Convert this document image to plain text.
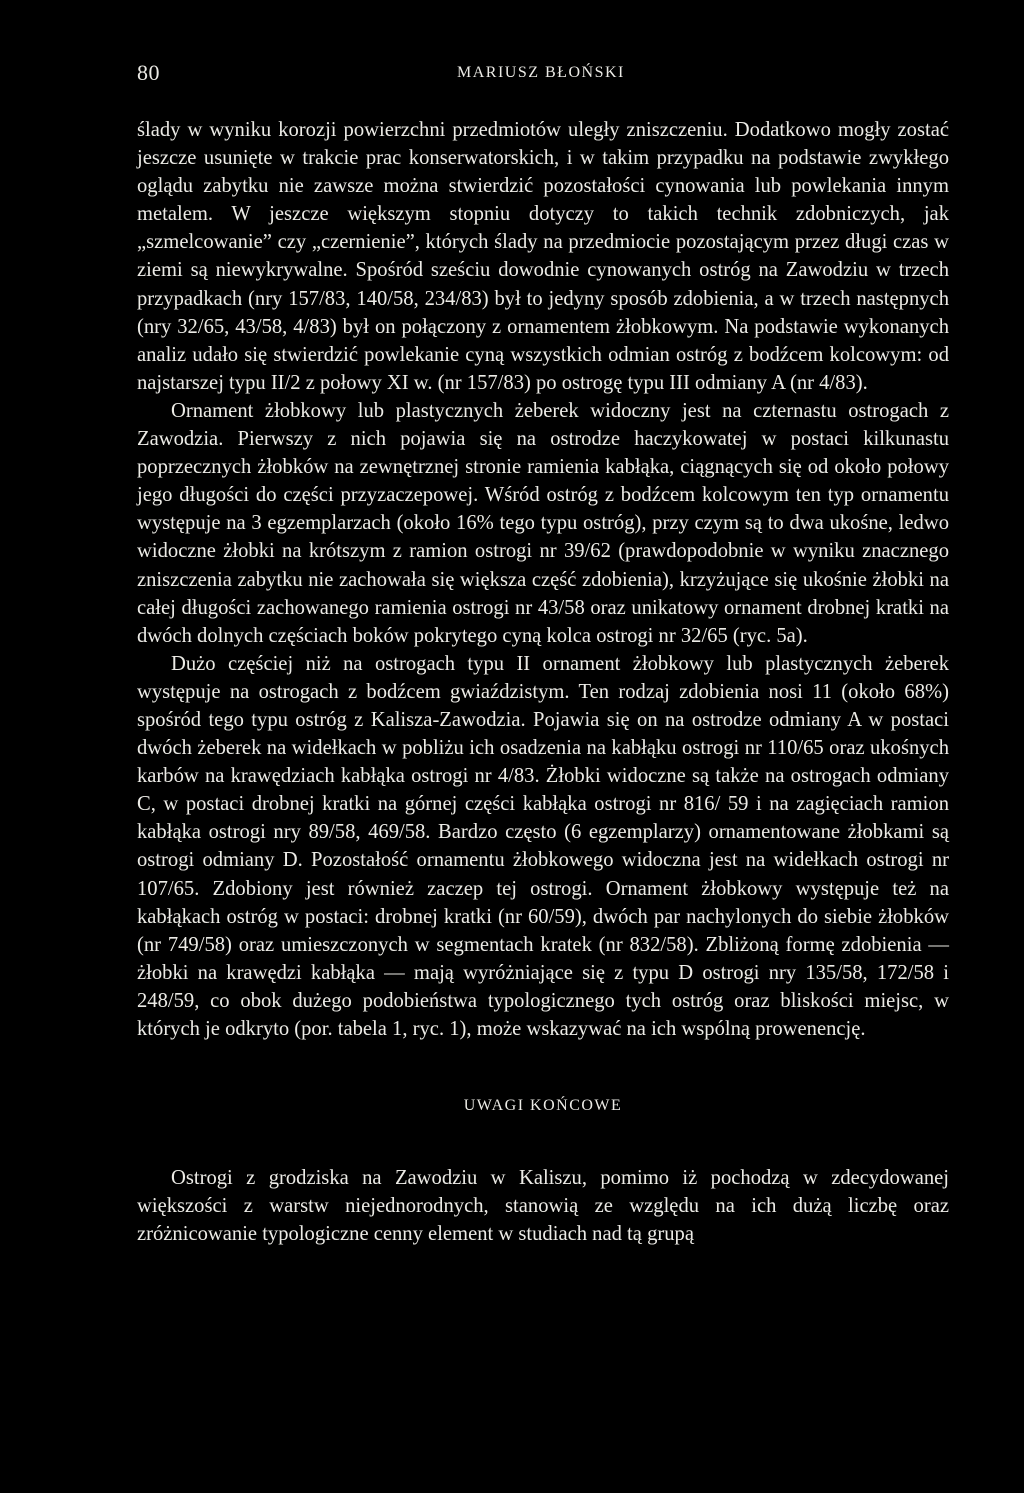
80	MARIUSZ BŁOŃSKI

ślady w wyniku korozji powierzchni przedmiotów uległy zniszczeniu. Dodatkowo mogły zostać jeszcze usunięte w trakcie prac konserwatorskich, i w takim przypadku na podstawie zwykłego oglądu zabytku nie zawsze można stwierdzić pozostałości cynowania lub powlekania innym metalem. W jeszcze większym stopniu dotyczy to takich technik zdobniczych, jak „szmelcowanie” czy „czernienie”, których ślady na przedmiocie pozostającym przez długi czas w ziemi są niewykrywalne. Spośród sześciu dowodnie cynowanych ostróg na Zawodziu w trzech przypadkach (nry 157/83, 140/58, 234/83) był to jedyny sposób zdobienia, a w trzech następnych (nry 32/65, 43/58, 4/83) był on połączony z ornamentem żłobkowym. Na podstawie wykonanych analiz udało się stwierdzić powlekanie cyną wszystkich odmian ostróg z bodźcem kolcowym: od najstarszej typu II/2 z połowy XI w. (nr 157/83) po ostrogę typu III odmiany A (nr 4/83).

Ornament żłobkowy lub plastycznych żeberek widoczny jest na czternastu ostrogach z Zawodzia. Pierwszy z nich pojawia się na ostrodze haczykowatej w postaci kilkunastu poprzecznych żłobków na zewnętrznej stronie ramienia kabłąka, ciągnących się od około połowy jego długości do części przyzaczepowej. Wśród ostróg z bodźcem kolcowym ten typ ornamentu występuje na 3 egzemplarzach (około 16% tego typu ostróg), przy czym są to dwa ukośne, ledwo widoczne żłobki na krótszym z ramion ostrogi nr 39/62 (prawdopodobnie w wyniku znacznego zniszczenia zabytku nie zachowała się większa część zdobienia), krzyżujące się ukośnie żłobki na całej długości zachowanego ramienia ostrogi nr 43/58 oraz unikatowy ornament drobnej kratki na dwóch dolnych częściach boków pokrytego cyną kolca ostrogi nr 32/65 (ryc. 5a).

Dużo częściej niż na ostrogach typu II ornament żłobkowy lub plastycznych żeberek występuje na ostrogach z bodźcem gwiaździstym. Ten rodzaj zdobienia nosi 11 (około 68%) spośród tego typu ostróg z Kalisza-Zawodzia. Pojawia się on na ostrodze odmiany A w postaci dwóch żeberek na widełkach w pobliżu ich osadzenia na kabłąku ostrogi nr 110/65 oraz ukośnych karbów na krawędziach kabłąka ostrogi nr 4/83. Żłobki widoczne są także na ostrogach odmiany C, w postaci drobnej kratki na górnej części kabłąka ostrogi nr 816/ 59 i na zagięciach ramion kabłąka ostrogi nry 89/58, 469/58. Bardzo często (6 egzemplarzy) ornamentowane żłobkami są ostrogi odmiany D. Pozostałość ornamentu żłobkowego widoczna jest na widełkach ostrogi nr 107/65. Zdobiony jest również zaczep tej ostrogi. Ornament żłobkowy występuje też na kabłąkach ostróg w postaci: drobnej kratki (nr 60/59), dwóch par nachylonych do siebie żłobków (nr 749/58) oraz umieszczonych w segmentach kratek (nr 832/58). Zbliżoną formę zdobienia — żłobki na krawędzi kabłąka — mają wyróżniające się z typu D ostrogi nry 135/58, 172/58 i 248/59, co obok dużego podobieństwa typologicznego tych ostróg oraz bliskości miejsc, w których je odkryto (por. tabela 1, ryc. 1), może wskazywać na ich wspólną prowenencję.

UWAGI KOŃCOWE

Ostrogi z grodziska na Zawodziu w Kaliszu, pomimo iż pochodzą w zdecydowanej większości z warstw niejednorodnych, stanowią ze względu na ich dużą liczbę oraz zróżnicowanie typologiczne cenny element w studiach nad tą grupą
